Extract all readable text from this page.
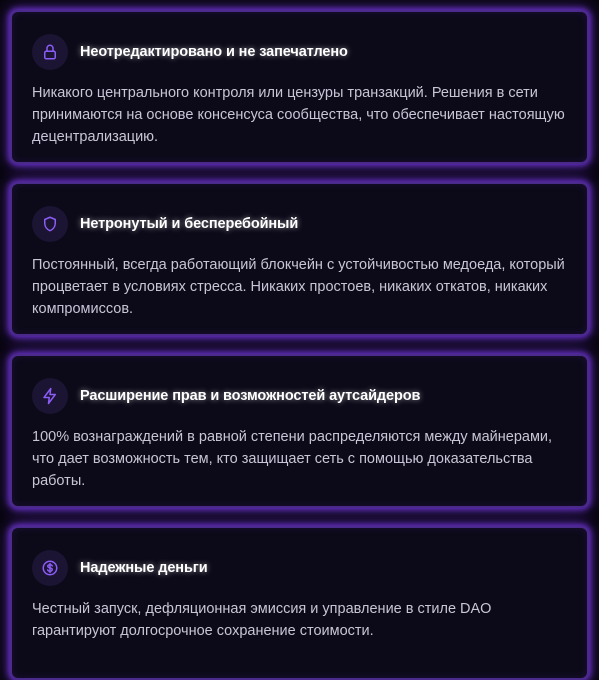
Неотредактировано и не запечатлено

Никакого центрального контроля или цензуры транзакций. Решения в сети принимаются на основе консенсуса сообщества, что обеспечивает настоящую децентрализацию.

Нетронутый и бесперебойный

Постоянный, всегда работающий блокчейн с устойчивостью медоеда, который процветает в условиях стресса. Никаких простоев, никаких откатов, никаких компромиссов.

Расширение прав и возможностей аутсайдеров

100% вознаграждений в равной степени распределяются между майнерами, что дает возможность тем, кто защищает сеть с помощью доказательства работы.

Надежные деньги

Честный запуск, дефляционная эмиссия и управление в стиле DAO гарантируют долгосрочное сохранение стоимости.
